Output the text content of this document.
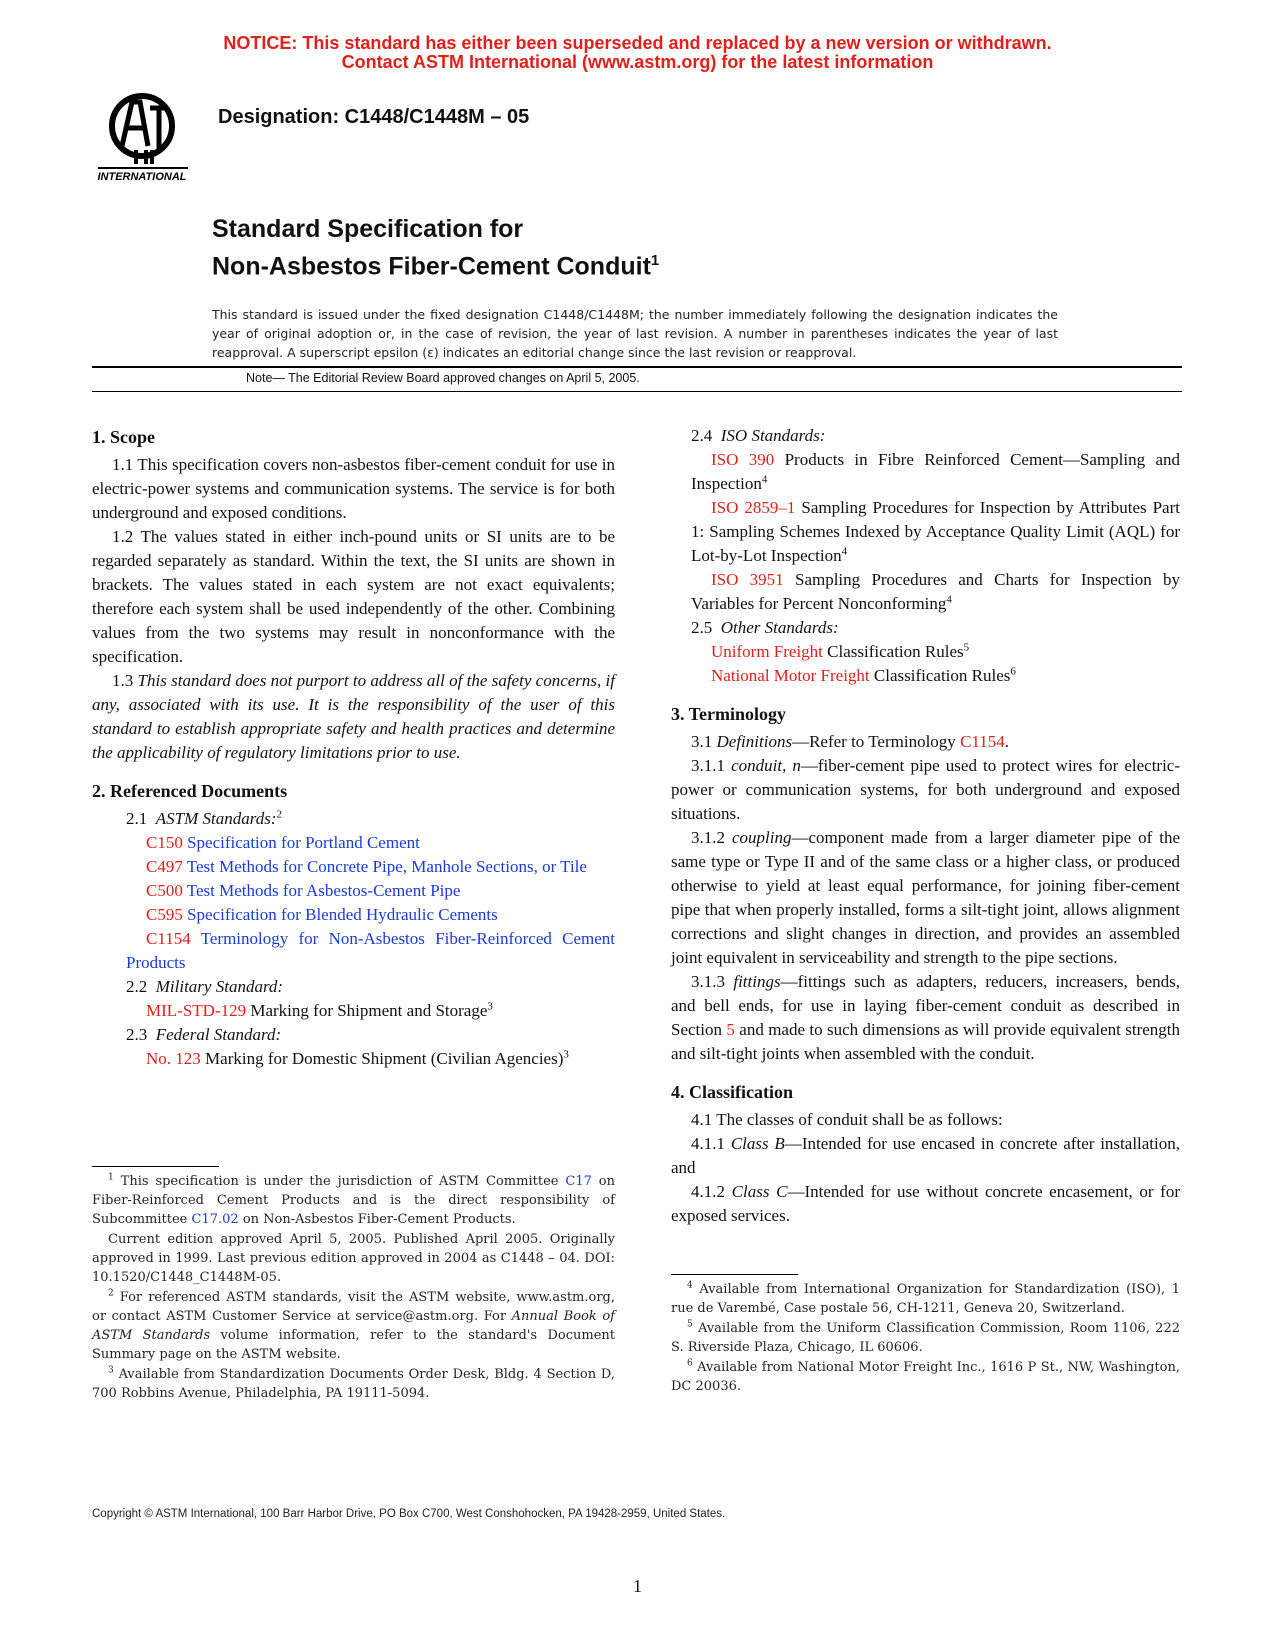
NOTICE: This standard has either been superseded and replaced by a new version or withdrawn.
Contact ASTM International (www.astm.org) for the latest information
INTERNATIONAL
Designation: C1448/C1448M – 05
Standard Specification for
Non-Asbestos Fiber-Cement Conduit$^1$
This standard is issued under the fixed designation C1448/C1448M; the number immediately following the designation indicates the year of original adoption or, in the case of revision, the year of last revision. A number in parentheses indicates the year of last reapproval. A superscript epsilon (ε) indicates an editorial change since the last revision or reapproval.
Note— The Editorial Review Board approved changes on April 5, 2005.
1. Scope

1.1 This specification covers non-asbestos fiber-cement conduit for use in electric-power systems and communication systems. The service is for both underground and exposed conditions.

1.2 The values stated in either inch-pound units or SI units are to be regarded separately as standard. Within the text, the SI units are shown in brackets. The values stated in each system are not exact equivalents; therefore each system shall be used independently of the other. Combining values from the two systems may result in nonconformance with the specification.

1.3 This standard does not purport to address all of the safety concerns, if any, associated with its use. It is the responsibility of the user of this standard to establish appropriate safety and health practices and determine the applicability of regulatory limitations prior to use.

2. Referenced Documents

2.1 ASTM Standards:$^2$

C150 Specification for Portland Cement

C497 Test Methods for Concrete Pipe, Manhole Sections, or Tile

C500 Test Methods for Asbestos-Cement Pipe

C595 Specification for Blended Hydraulic Cements

C1154 Terminology for Non-Asbestos Fiber-Reinforced Cement Products

2.2 Military Standard:

MIL-STD-129 Marking for Shipment and Storage$^3$

2.3 Federal Standard:

No. 123 Marking for Domestic Shipment (Civilian Agencies)$^3$

2.4 ISO Standards:

ISO 390 Products in Fibre Reinforced Cement—Sampling and Inspection$^4$

ISO 2859–1 Sampling Procedures for Inspection by Attributes Part 1: Sampling Schemes Indexed by Acceptance Quality Limit (AQL) for Lot-by-Lot Inspection$^4$

ISO 3951 Sampling Procedures and Charts for Inspection by Variables for Percent Nonconforming$^4$

2.5 Other Standards:

Uniform Freight Classification Rules$^5$

National Motor Freight Classification Rules$^6$

3. Terminology

3.1 Definitions—Refer to Terminology C1154.

3.1.1 conduit, n—fiber-cement pipe used to protect wires for electric-power or communication systems, for both underground and exposed situations.

3.1.2 coupling—component made from a larger diameter pipe of the same type or Type II and of the same class or a higher class, or produced otherwise to yield at least equal performance, for joining fiber-cement pipe that when properly installed, forms a silt-tight joint, allows alignment corrections and slight changes in direction, and provides an assembled joint equivalent in serviceability and strength to the pipe sections.

3.1.3 fittings—fittings such as adapters, reducers, increasers, bends, and bell ends, for use in laying fiber-cement conduit as described in Section 5 and made to such dimensions as will provide equivalent strength and silt-tight joints when assembled with the conduit.

4. Classification

4.1 The classes of conduit shall be as follows:

4.1.1 Class B—Intended for use encased in concrete after installation, and

4.1.2 Class C—Intended for use without concrete encasement, or for exposed services.

$^1$ This specification is under the jurisdiction of ASTM Committee C17 on Fiber-Reinforced Cement Products and is the direct responsibility of Subcommittee C17.02 on Non-Asbestos Fiber-Cement Products.

Current edition approved April 5, 2005. Published April 2005. Originally approved in 1999. Last previous edition approved in 2004 as C1448 – 04. DOI: 10.1520/C1448_C1448M-05.

$^2$ For referenced ASTM standards, visit the ASTM website, www.astm.org, or contact ASTM Customer Service at service@astm.org. For Annual Book of ASTM Standards volume information, refer to the standard's Document Summary page on the ASTM website.

$^3$ Available from Standardization Documents Order Desk, Bldg. 4 Section D, 700 Robbins Avenue, Philadelphia, PA 19111-5094.

$^4$ Available from International Organization for Standardization (ISO), 1 rue de Varembé, Case postale 56, CH-1211, Geneva 20, Switzerland.

$^5$ Available from the Uniform Classification Commission, Room 1106, 222 S. Riverside Plaza, Chicago, IL 60606.

$^6$ Available from National Motor Freight Inc., 1616 P St., NW, Washington, DC 20036.

Copyright © ASTM International, 100 Barr Harbor Drive, PO Box C700, West Conshohocken, PA 19428-2959, United States.
1
